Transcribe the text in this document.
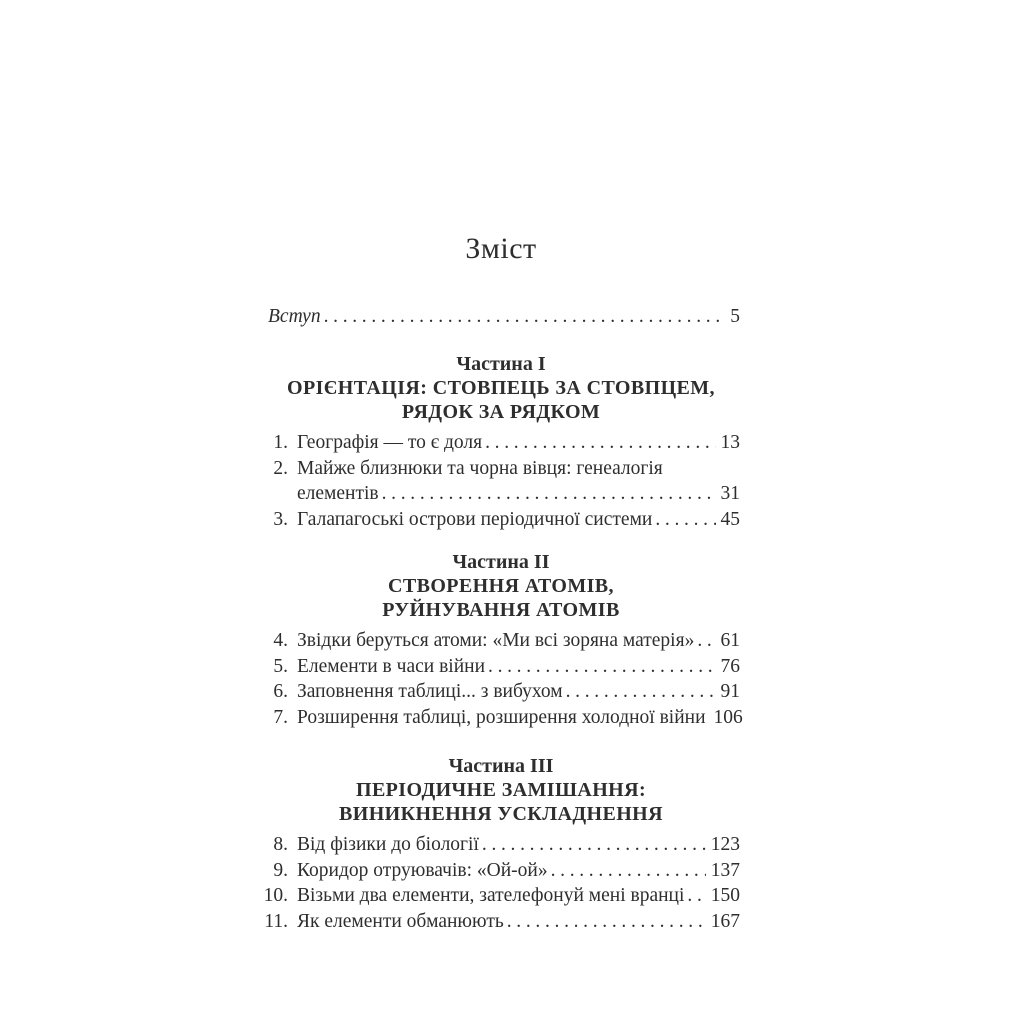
Зміст
Вступ .....	5
Частина I
ОРІЄНТАЦІЯ: СТОВПЕЦЬ ЗА СТОВПЦЕМ,
РЯДОК ЗА РЯДКОМ
1. Географія — то є доля .....	13
2. Майже близнюки та чорна вівця: генеалогія
елементів .....	31
3. Галапагоські острови періодичної системи .....	45
Частина II
СТВОРЕННЯ АТОМІВ,
РУЙНУВАННЯ АТОМІВ
4. Звідки беруться атоми: «Ми всі зоряна матерія» ..... 61
5. Елементи в часи війни .....	76
6. Заповнення таблиці... з вибухом .....	91
7. Розширення таблиці, розширення холодної війни 106
Частина III
ПЕРІОДИЧНЕ ЗАМІШАННЯ:
ВИНИКНЕННЯ УСКЛАДНЕННЯ
8. Від фізики до біології .....	123
9. Коридор отруювачів: «Ой-ой» .....	137
10. Візьми два елементи, зателефонуй мені вранці ..... 150
11. Як елементи обманюють .....	167
